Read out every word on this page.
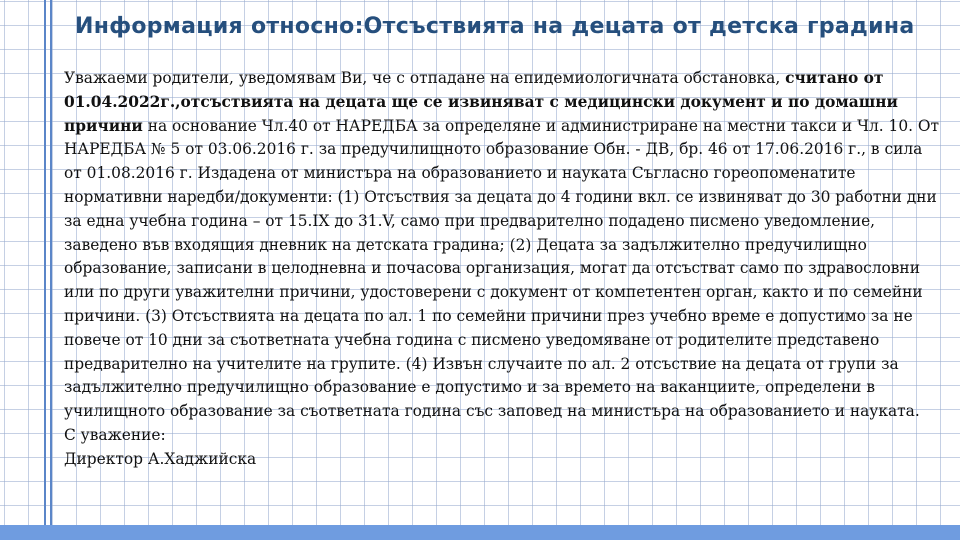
Информация относно:Отсъствията на децата от детска градина

Уважаеми родители, уведомявам Ви, че с отпадане на епидемиологичната обстановка, считано от 01.04.2022г.,отсъствията на децата ще се извиняват с медицински документ и по домашни причини на основание Чл.40 от НАРЕДБА за определяне и администриране на местни такси и Чл. 10. От НАРЕДБА № 5 от 03.06.2016 г. за предучилищното образование Обн. - ДВ, бр. 46 от 17.06.2016 г., в сила от 01.08.2016 г. Издадена от министъра на образованието и науката Съгласно гореопоменатите нормативни наредби/документи: (1) Отсъствия за децата до 4 години вкл. се извиняват до 30 работни дни за една учебна година – от 15.IX до 31.V, само при предварително подадено писмено уведомление, заведено във входящия дневник на детската градина; (2) Децата за задължително предучилищно образование, записани в целодневна и почасова организация, могат да отсъстват само по здравословни или по други уважителни причини, удостоверени с документ от компетентен орган, както и по семейни причини. (3) Отсъствията на децата по ал. 1 по семейни причини през учебно време е допустимо за не повече от 10 дни за съответната учебна година с писмено уведомяване от родителите представено предварително на учителите на групите. (4) Извън случаите по ал. 2 отсъствие на децата от групи за задължително предучилищно образование е допустимо и за времето на ваканциите, определени в училищното образование за съответната година със заповед на министъра на образованието и науката.

С уважение:

Директор А.Хаджийска
